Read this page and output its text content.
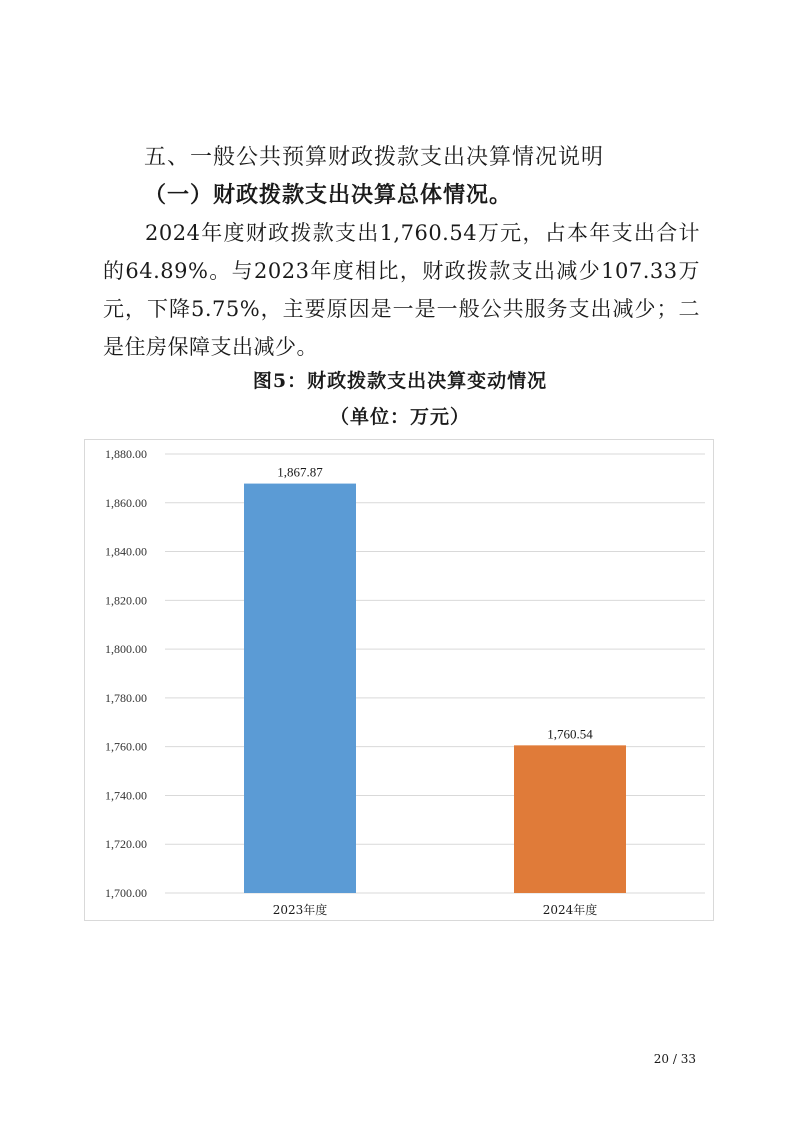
五、一般公共预算财政拨款支出决算情况说明
（一）财政拨款支出决算总体情况。
2024年度财政拨款支出1,760.54万元，占本年支出合计的64.89%。与2023年度相比，财政拨款支出减少107.33万元，下降5.75%，主要原因是一是一般公共服务支出减少；二是住房保障支出减少。
图5：财政拨款支出决算变动情况
（单位：万元）
1,700.00
1,720.00
1,740.00
1,760.00
1,780.00
1,800.00
1,820.00
1,840.00
1,860.00
1,880.00
1,867.87
2023年度
1,760.54
2024年度
20 / 33
